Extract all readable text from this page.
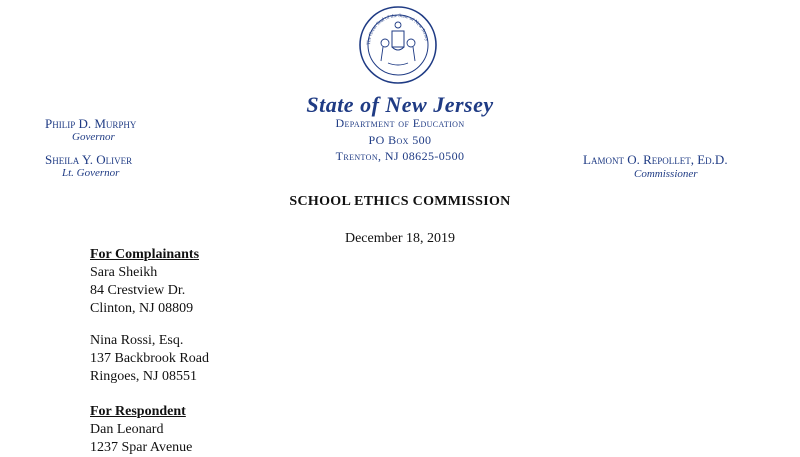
The Great Seal of the State of New Jersey
State of New Jersey
Department of Education
PO Box 500
Trenton, NJ 08625-0500
Philip D. Murphy
Governor
Sheila Y. Oliver
Lt. Governor
Lamont O. Repollet, Ed.D.
Commissioner
SCHOOL ETHICS COMMISSION
December 18, 2019
For Complainants
Sara Sheikh
84 Crestview Dr.
Clinton, NJ 08809
Nina Rossi, Esq.
137 Backbrook Road
Ringoes, NJ 08551
For Respondent
Dan Leonard
1237 Spar Avenue
